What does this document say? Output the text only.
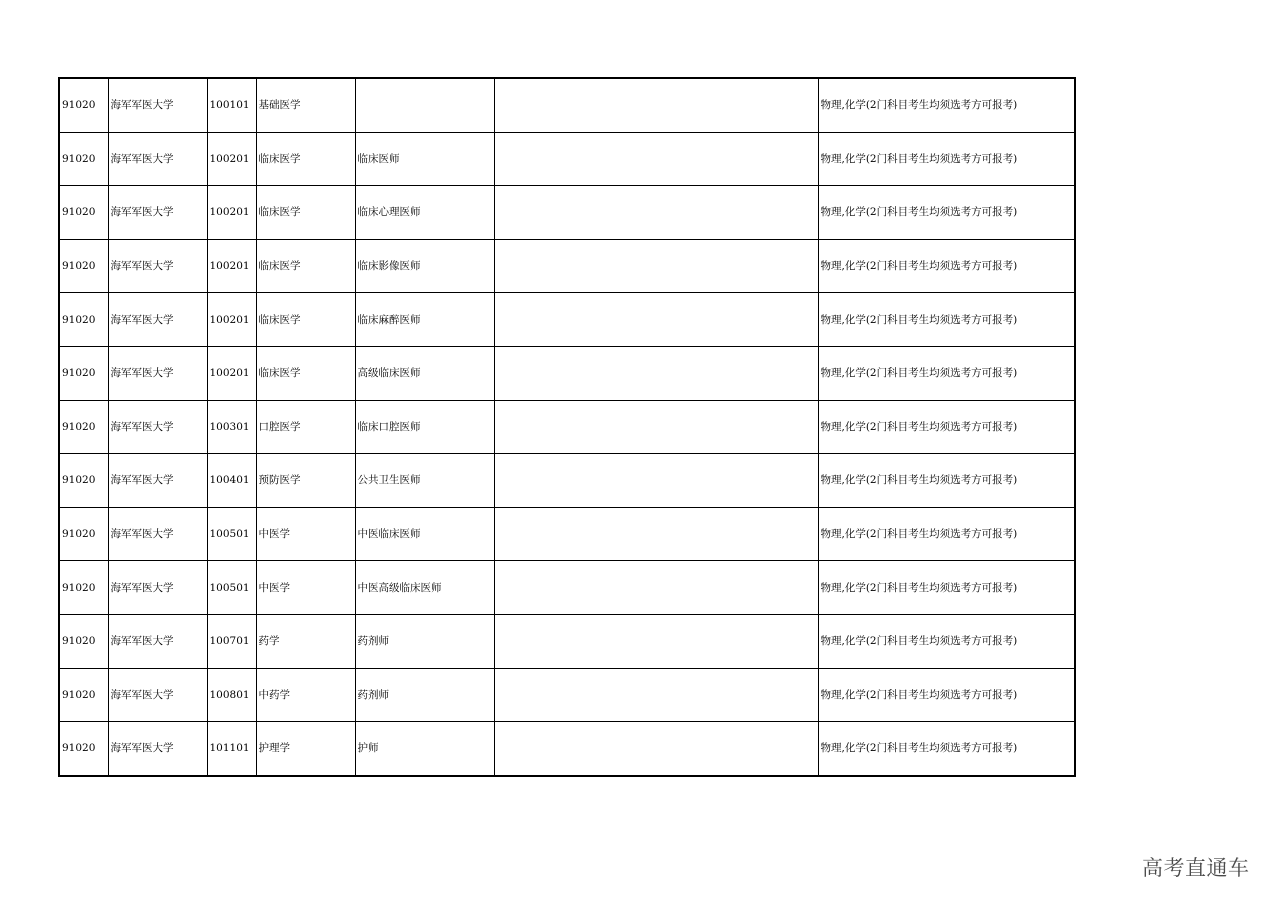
91020	海军军医大学	100101	基础医学			物理,化学(2门科目考生均须选考方可报考)
91020	海军军医大学	100201	临床医学	临床医师		物理,化学(2门科目考生均须选考方可报考)
91020	海军军医大学	100201	临床医学	临床心理医师		物理,化学(2门科目考生均须选考方可报考)
91020	海军军医大学	100201	临床医学	临床影像医师		物理,化学(2门科目考生均须选考方可报考)
91020	海军军医大学	100201	临床医学	临床麻醉医师		物理,化学(2门科目考生均须选考方可报考)
91020	海军军医大学	100201	临床医学	高级临床医师		物理,化学(2门科目考生均须选考方可报考)
91020	海军军医大学	100301	口腔医学	临床口腔医师		物理,化学(2门科目考生均须选考方可报考)
91020	海军军医大学	100401	预防医学	公共卫生医师		物理,化学(2门科目考生均须选考方可报考)
91020	海军军医大学	100501	中医学	中医临床医师		物理,化学(2门科目考生均须选考方可报考)
91020	海军军医大学	100501	中医学	中医高级临床医师		物理,化学(2门科目考生均须选考方可报考)
91020	海军军医大学	100701	药学	药剂师		物理,化学(2门科目考生均须选考方可报考)
91020	海军军医大学	100801	中药学	药剂师		物理,化学(2门科目考生均须选考方可报考)
91020	海军军医大学	101101	护理学	护师		物理,化学(2门科目考生均须选考方可报考)
高考直通车
